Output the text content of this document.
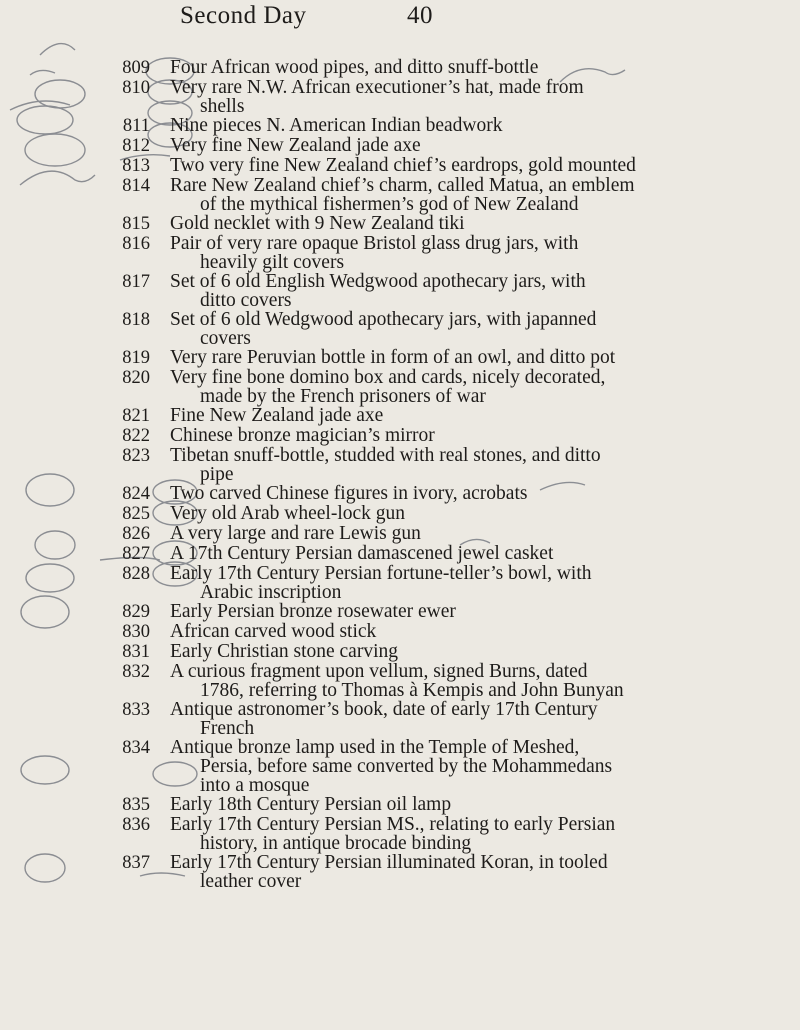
Second Day	40
809	Four African wood pipes, and ditto snuff-bottle
810	Very rare N.W. African executioner’s hat, made from
shells
811	Nine pieces N. American Indian beadwork
812	Very fine New Zealand jade axe
813	Two very fine New Zealand chief’s eardrops, gold mounted
814	Rare New Zealand chief’s charm, called Matua, an emblem
of the mythical fishermen’s god of New Zealand
815	Gold necklet with 9 New Zealand tiki
816	Pair of very rare opaque Bristol glass drug jars, with
heavily gilt covers
817	Set of 6 old English Wedgwood apothecary jars, with
ditto covers
818	Set of 6 old Wedgwood apothecary jars, with japanned
covers
819	Very rare Peruvian bottle in form of an owl, and ditto pot
820	Very fine bone domino box and cards, nicely decorated,
made by the French prisoners of war
821	Fine New Zealand jade axe
822	Chinese bronze magician’s mirror
823	Tibetan snuff-bottle, studded with real stones, and ditto
pipe
824	Two carved Chinese figures in ivory, acrobats
825	Very old Arab wheel-lock gun
826	A very large and rare Lewis gun
827	A 17th Century Persian damascened jewel casket
828	Early 17th Century Persian fortune-teller’s bowl, with
Arabic inscription
829	Early Persian bronze rosewater ewer
830	African carved wood stick
831	Early Christian stone carving
832	A curious fragment upon vellum, signed Burns, dated
1786, referring to Thomas à Kempis and John Bunyan
833	Antique astronomer’s book, date of early 17th Century
French
834	Antique bronze lamp used in the Temple of Meshed,
Persia, before same converted by the Mohammedans
into a mosque
835	Early 18th Century Persian oil lamp
836	Early 17th Century Persian MS., relating to early Persian
history, in antique brocade binding
837	Early 17th Century Persian illuminated Koran, in tooled
leather cover
